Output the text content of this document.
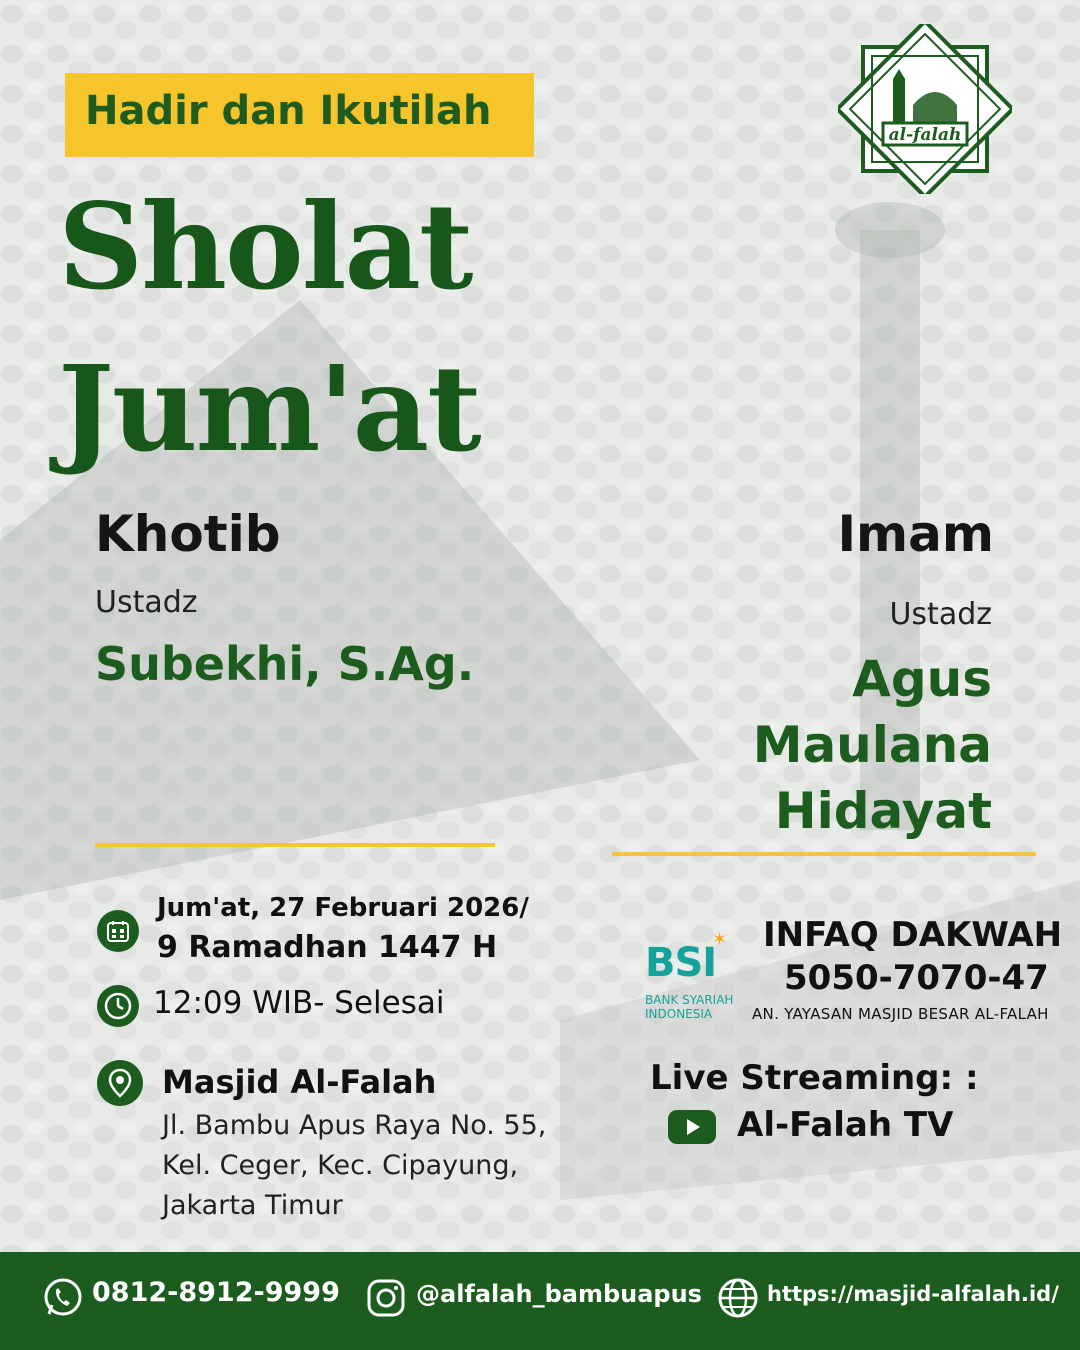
al-falah
Hadir dan Ikutilah
Sholat
Jum'at
Khotib
Ustadz
Subekhi, S.Ag.
Imam
Ustadz
Agus
Maulana
Hidayat
Jum'at, 27 Februari 2026/
9 Ramadhan 1447 H
12:09 WIB- Selesai
Masjid Al-Falah
Jl. Bambu Apus Raya No. 55,
Kel. Ceger, Kec. Cipayung,
Jakarta Timur
BSI
✶
BANK SYARIAH
INDONESIA
INFAQ DAKWAH
5050-7070-47
AN. YAYASAN MASJID BESAR AL-FALAH
Live Streaming: :
Al-Falah TV
0812-8912-9999	@alfalah_bambuapus	https://masjid-alfalah.id/
